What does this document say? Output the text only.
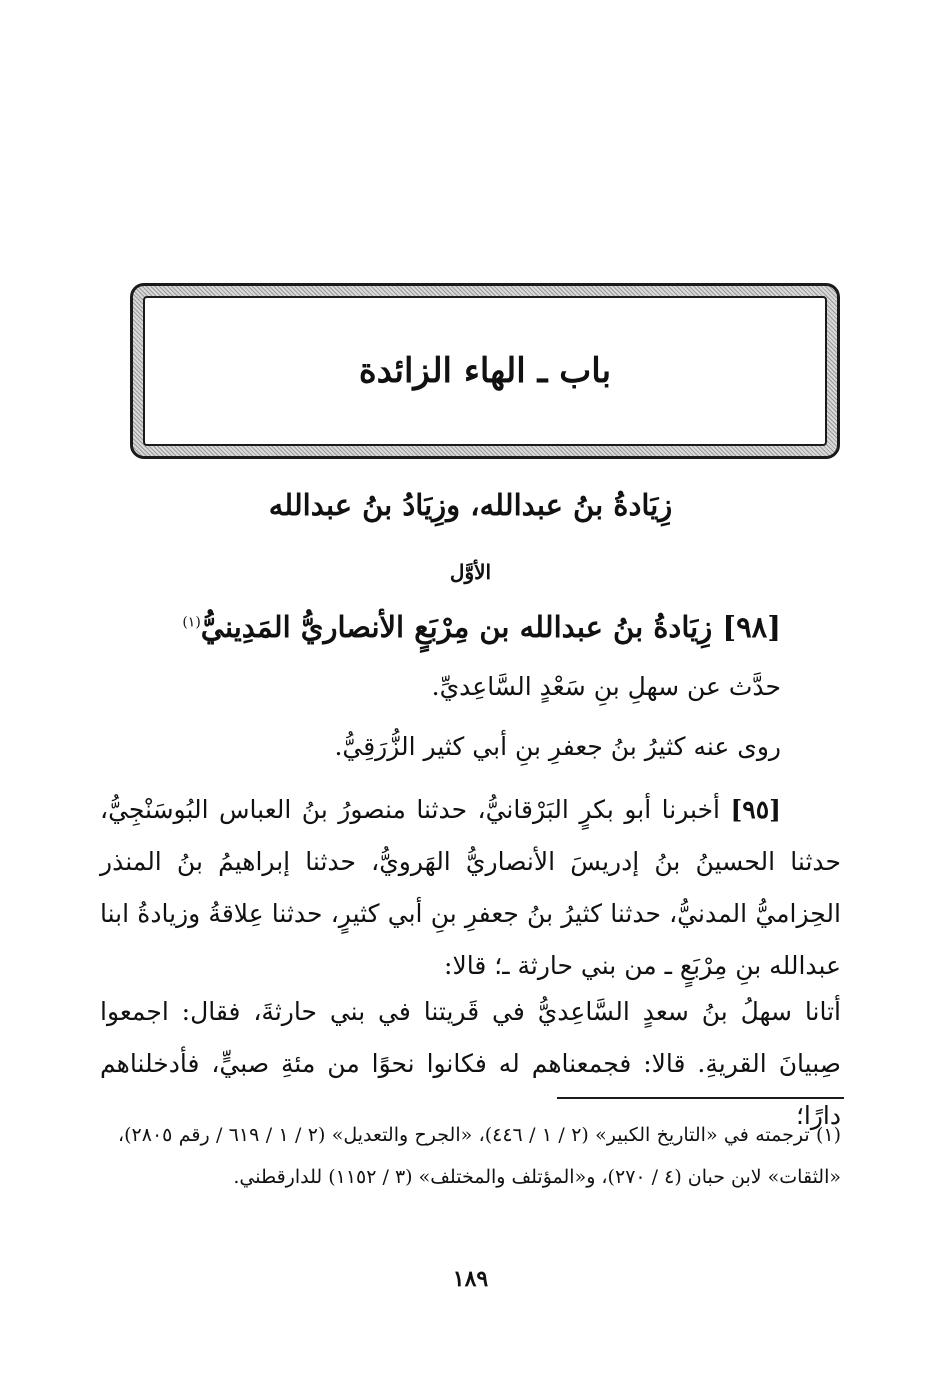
باب ـ الهاء الزائدة
زِيَادةُ بنُ عبدالله، وزِيَادُ بنُ عبدالله
الأوَّل
[٩٨] زِيَادةُ بنُ عبدالله بن مِرْبَعٍ الأنصاريُّ المَدِينيُّ$^{(١)}$
حدَّث عن سهلِ بنِ سَعْدٍ السَّاعِديِّ.
روى عنه كثيرُ بنُ جعفرِ بنِ أبي كثير الزُّرَقِيُّ.
[٩٥] أخبرنا أبو بكرٍ البَرْقانيُّ، حدثنا منصورُ بنُ العباس البُوسَنْجِيُّ، حدثنا الحسينُ بنُ إدريسَ الأنصاريُّ الهَرويُّ، حدثنا إبراهيمُ بنُ المنذر الحِزاميُّ المدنيُّ، حدثنا كثيرُ بنُ جعفرِ بنِ أبي كثيرٍ، حدثنا عِلاقةُ وزيادةُ ابنا عبدالله بنِ مِرْبَعٍ ـ من بني حارثة ـ؛ قالا:
أتانا سهلُ بنُ سعدٍ السَّاعِديُّ في قَريتنا في بني حارثةَ، فقال: اجمعوا صِبيانَ القريةِ. قالا: فجمعناهم له فكانوا نحوًا من مئةِ صبيٍّ، فأدخلناهم دارًا؛
(١) ترجمته في «التاريخ الكبير» (٢ / ١ / ٤٤٦)، «الجرح والتعديل» (٢ / ١ / ٦١٩ / رقم ٢٨٠٥)، «الثقات» لابن حبان (٤ / ٢٧٠)، و«المؤتلف والمختلف» (٣ / ١١٥٢) للدارقطني.
١٨٩
